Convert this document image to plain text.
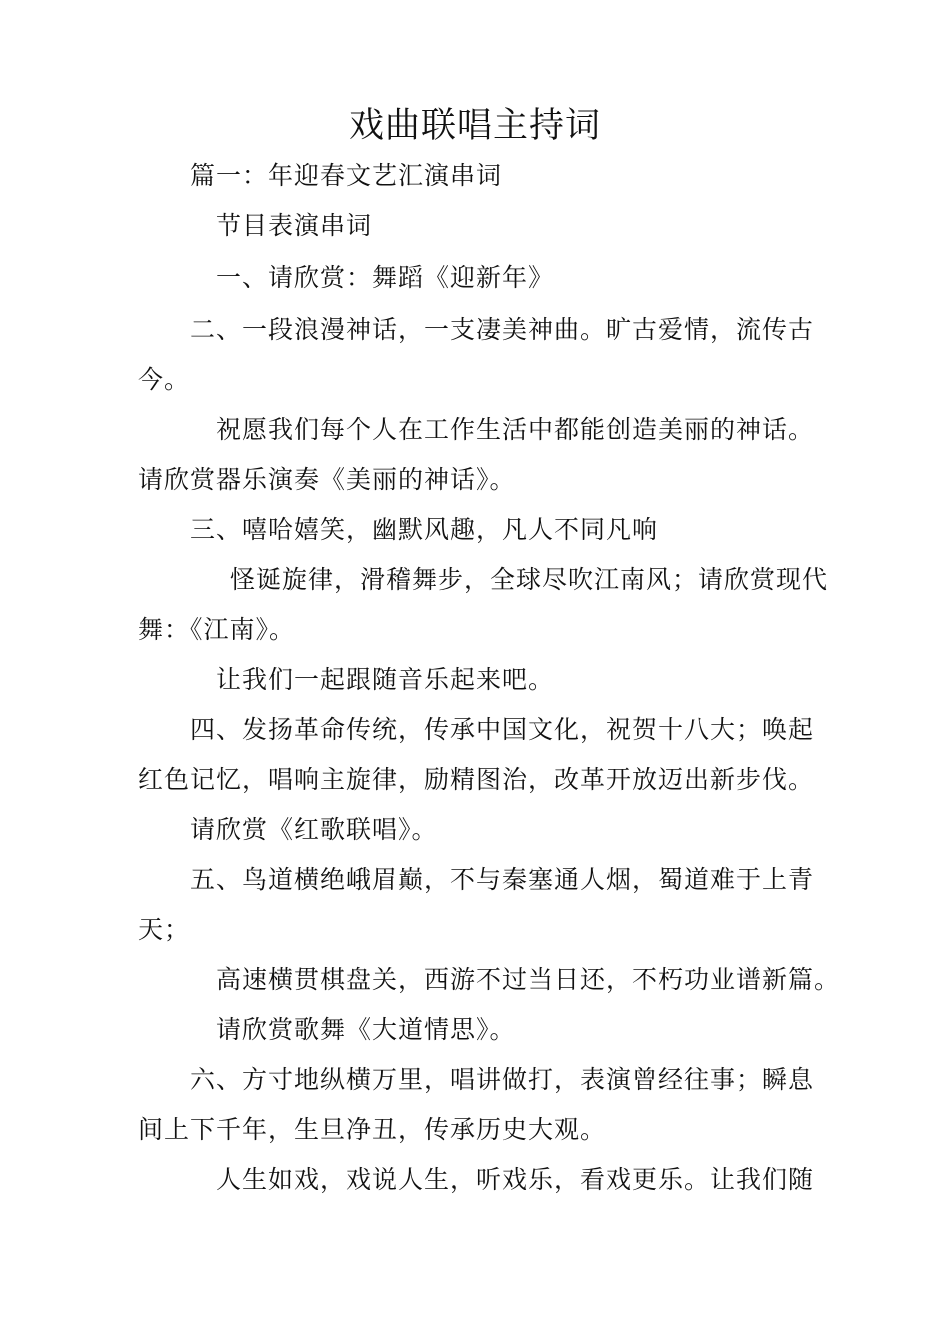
戏曲联唱主持词
篇一：年迎春文艺汇演串词
节目表演串词
一、请欣赏：舞蹈《迎新年》
二、一段浪漫神话，一支凄美神曲。旷古爱情，流传古
今。
祝愿我们每个人在工作生活中都能创造美丽的神话。
请欣赏器乐演奏《美丽的神话》。
三、嘻哈嬉笑，幽默风趣，凡人不同凡响
怪诞旋律，滑稽舞步，全球尽吹江南风；请欣赏现代
舞：《江南》。
让我们一起跟随音乐起来吧。
四、发扬革命传统，传承中国文化，祝贺十八大；唤起
红色记忆，唱响主旋律，励精图治，改革开放迈出新步伐。
请欣赏《红歌联唱》。
五、鸟道横绝峨眉巅，不与秦塞通人烟，蜀道难于上青
天；
高速横贯棋盘关，西游不过当日还，不朽功业谱新篇。
请欣赏歌舞《大道情思》。
六、方寸地纵横万里，唱讲做打，表演曾经往事；瞬息
间上下千年，生旦净丑，传承历史大观。
人生如戏，戏说人生，听戏乐，看戏更乐。让我们随
